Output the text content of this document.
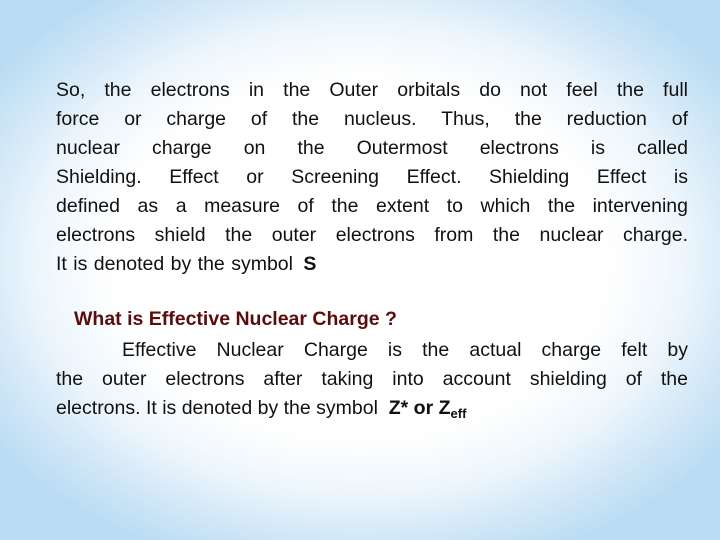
So, the electrons in the Outer orbitals do not feel the full
force or charge of the nucleus. Thus, the reduction of
nuclear charge on the Outermost electrons is called
Shielding. Effect or Screening Effect. Shielding Effect is
defined as a measure of the extent to which the intervening
electrons shield the outer electrons from the nuclear charge.
It is denoted by the symbol S
What is Effective Nuclear Charge ?
Effective Nuclear Charge is the actual charge felt by
the outer electrons after taking into account shielding of the
electrons. It is denoted by the symbol Z* or $Z_{eff}$
